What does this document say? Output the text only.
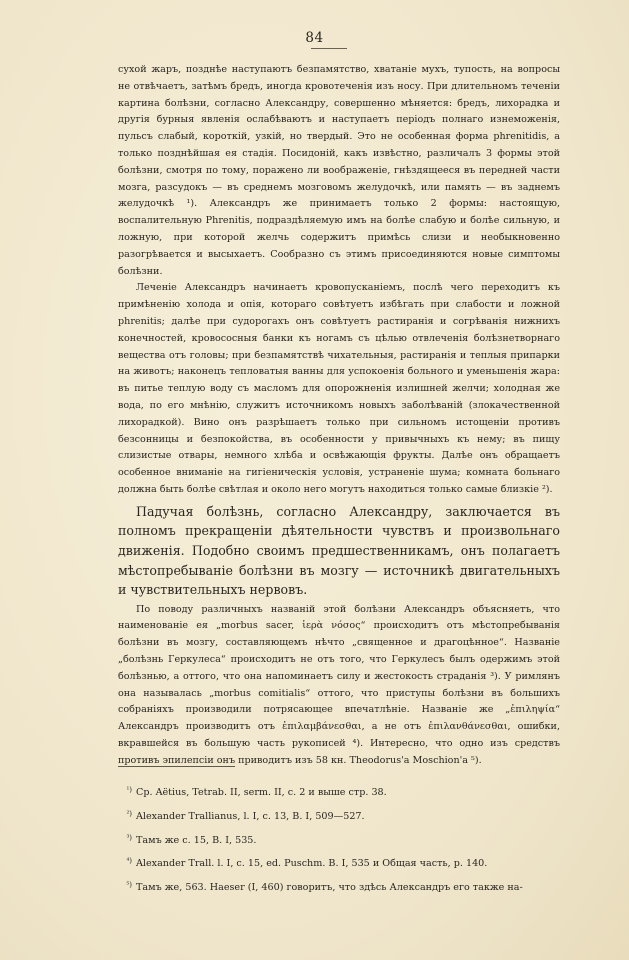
84

сухой жаръ, позднѣе наступаютъ безпамятство, хватаніе мухъ, тупость, на вопросы не отвѣчаетъ, затѣмъ бредъ, иногда кровотеченія изъ носу. При длительномъ теченіи картина болѣзни, согласно Александру, совершенно мѣняется: бредъ, лихорадка и другія бурныя явленія ослабѣваютъ и наступаетъ періодъ полнаго изнеможенія, пульсъ слабый, короткій, узкій, но твердый. Это не особенная форма phrenitidis, а только позднѣйшая ея стадія. Посидоній, какъ извѣстно, различалъ 3 формы этой болѣзни, смотря по тому, поражено ли воображеніе, гнѣздящееся въ передней части мозга, разсудокъ — въ среднемъ мозговомъ желудочкѣ, или память — въ заднемъ желудочкѣ ¹). Александръ же принимаетъ только 2 формы: настоящую, воспалительную Phrenitis, подраздѣляемую имъ на болѣе слабую и болѣе сильную, и ложную, при которой желчь содержитъ примѣсь слизи и необыкновенно разогрѣвается и высыхаетъ. Сообразно съ этимъ присоединяются новые симптомы болѣзни.

Леченіе Александръ начинаетъ кровопусканіемъ, послѣ чего переходитъ къ примѣненію холода и опія, котораго совѣтуетъ избѣгать при слабости и ложной phrenitis; далѣе при судорогахъ онъ совѣтуетъ растиранія и согрѣванія нижнихъ конечностей, кровососныя банки къ ногамъ съ цѣлью отвлеченія болѣзнетворнаго вещества отъ головы; при безпамятствѣ чихательныя, растиранія и теплыя припарки на животъ; наконецъ тепловатыя ванны для успокоенія больного и уменьшенія жара: въ питье теплую воду съ масломъ для опорожненія излишней желчи; холодная же вода, по его мнѣнію, служитъ источникомъ новыхъ заболѣваній (злокачественной лихорадкой). Вино онъ разрѣшаетъ только при сильномъ истощеніи противъ безсонницы и безпокойства, въ особенности у привычныхъ къ нему; въ пищу слизистые отвары, немного хлѣба и освѣжающія фрукты. Далѣе онъ обращаетъ особенное вниманіе на гигіеническія условія, устраненіе шума; комната больнаго должна быть болѣе свѣтлая и около него могутъ находиться только самые близкіе ²).

Падучая болѣзнь, согласно Александру, заключается въ полномъ прекращеніи дѣятельности чувствъ и произвольнаго движенія. Подобно своимъ предшественникамъ, онъ полагаетъ мѣстопребываніе болѣзни въ мозгу — источникѣ двигательныхъ и чувствительныхъ нервовъ.

По поводу различныхъ названій этой болѣзни Александръ объясняетъ, что наименованіе ея „morbus sacer, ἱερὰ νόσος“ происходитъ отъ мѣстопребыванія болѣзни въ мозгу, составляющемъ нѣчто „священное и драгоцѣнное“. Названіе „болѣзнь Геркулеса“ происходитъ не отъ того, что Геркулесъ былъ одержимъ этой болѣзнью, а оттого, что она напоминаетъ силу и жестокость страданія ³). У римлянъ она называлась „morbus comitialis“ оттого, что приступы болѣзни въ большихъ собраніяхъ производили потрясающее впечатлѣніе. Названіе же „ἐπιληψία“ Александръ производитъ отъ ἐπιλαμβάνεσθαι, а не отъ ἐπιλανθάνεσθαι, ошибки, вкравшейся въ большую часть рукописей ⁴). Интересно, что одно изъ средствъ противъ эпилепсіи онъ приводитъ изъ 58 кн. Theodorus'a Moschion'a ⁵).

¹) Ср. Aëtius, Tetrab. II, serm. II, c. 2 и выше стр. 38.
²) Alexander Trallianus, l. I, c. 13, B. I, 509—527.
³) Тамъ же c. 15, B. I, 535.
⁴) Alexander Trall. l. I, c. 15, ed. Puschm. B. I, 535 и Общая часть, p. 140.
⁵) Тамъ же, 563. Haeser (I, 460) говоритъ, что здѣсь Александръ его также на-
